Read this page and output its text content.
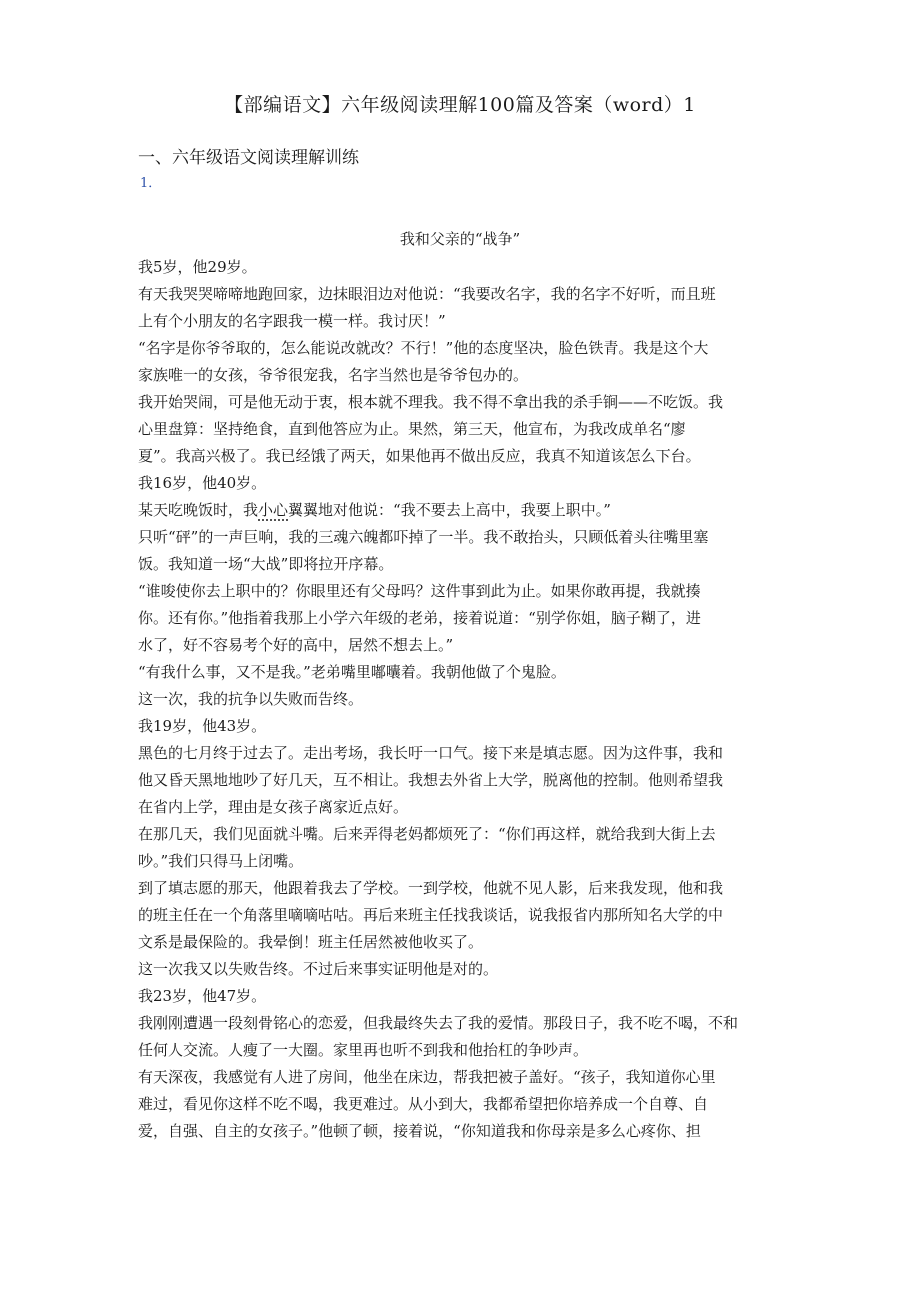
【部编语文】六年级阅读理解100篇及答案（word）1
一、六年级语文阅读理解训练
1．
我和父亲的“战争”
我5岁，他29岁。
有天我哭哭啼啼地跑回家，边抹眼泪边对他说：“我要改名字，我的名字不好听，而且班
上有个小朋友的名字跟我一模一样。我讨厌！”
“名字是你爷爷取的，怎么能说改就改？不行！”他的态度坚决，脸色铁青。我是这个大
家族唯一的女孩，爷爷很宠我，名字当然也是爷爷包办的。
我开始哭闹，可是他无动于衷，根本就不理我。我不得不拿出我的杀手锏——不吃饭。我
心里盘算：坚持绝食，直到他答应为止。果然，第三天，他宣布，为我改成单名“廖
夏”。我高兴极了。我已经饿了两天，如果他再不做出反应，我真不知道该怎么下台。
我16岁，他40岁。
某天吃晚饭时，我小心翼翼地对他说：“我不要去上高中，我要上职中。”
只听“砰”的一声巨响，我的三魂六魄都吓掉了一半。我不敢抬头，只顾低着头往嘴里塞
饭。我知道一场“大战”即将拉开序幕。
“谁唆使你去上职中的？你眼里还有父母吗？这件事到此为止。如果你敢再提，我就揍
你。还有你。”他指着我那上小学六年级的老弟，接着说道：“别学你姐，脑子糊了，进
水了，好不容易考个好的高中，居然不想去上。”
“有我什么事，又不是我。”老弟嘴里嘟囔着。我朝他做了个鬼脸。
这一次，我的抗争以失败而告终。
我19岁，他43岁。
黑色的七月终于过去了。走出考场，我长吁一口气。接下来是填志愿。因为这件事，我和
他又昏天黑地地吵了好几天，互不相让。我想去外省上大学，脱离他的控制。他则希望我
在省内上学，理由是女孩子离家近点好。
在那几天，我们见面就斗嘴。后来弄得老妈都烦死了：“你们再这样，就给我到大街上去
吵。”我们只得马上闭嘴。
到了填志愿的那天，他跟着我去了学校。一到学校，他就不见人影，后来我发现，他和我
的班主任在一个角落里嘀嘀咕咕。再后来班主任找我谈话，说我报省内那所知名大学的中
文系是最保险的。我晕倒！班主任居然被他收买了。
这一次我又以失败告终。不过后来事实证明他是对的。
我23岁，他47岁。
我刚刚遭遇一段刻骨铭心的恋爱，但我最终失去了我的爱情。那段日子，我不吃不喝，不和
任何人交流。人瘦了一大圈。家里再也听不到我和他抬杠的争吵声。
有天深夜，我感觉有人进了房间，他坐在床边，帮我把被子盖好。“孩子，我知道你心里
难过，看见你这样不吃不喝，我更难过。从小到大，我都希望把你培养成一个自尊、自
爱，自强、自主的女孩子。”他顿了顿，接着说，“你知道我和你母亲是多么心疼你、担
